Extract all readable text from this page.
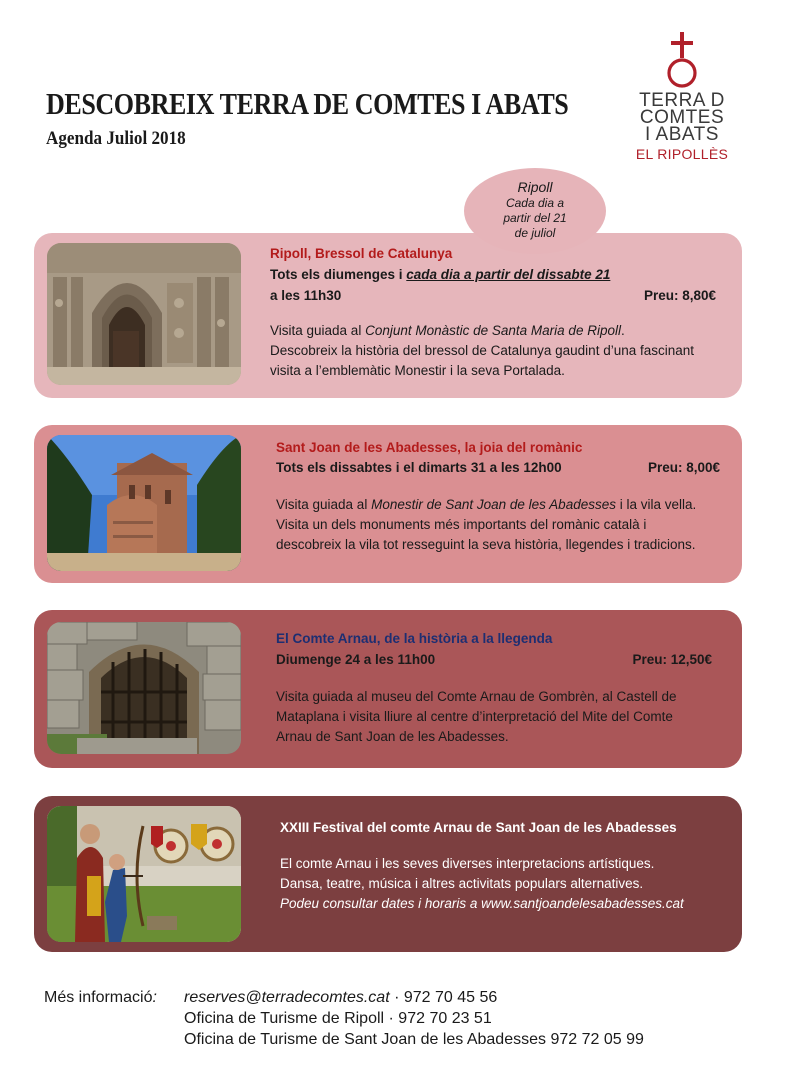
DESCOBREIX TERRA DE COMTES I ABATS
Agenda Juliol 2018
TERRA D
COMTES
I ABATS
EL RIPOLLÈS
Ripoll
Cada dia a partir del 21 de juliol
Ripoll, Bressol de Catalunya
Tots els diumenges i cada dia a partir del dissabte 21
a les 11h30	Preu: 8,80€
Visita guiada al Conjunt Monàstic de Santa Maria de Ripoll.
Descobreix la història del bressol de Catalunya gaudint d’una fascinant
visita a l’emblemàtic Monestir i la seva Portalada.
Sant Joan de les Abadesses, la joia del romànic
Tots els dissabtes i el dimarts 31 a les 12h00	Preu: 8,00€
Visita guiada al Monestir de Sant Joan de les Abadesses i la vila vella.
Visita un dels monuments més importants del romànic català i
descobreix la vila tot resseguint la seva història, llegendes i tradicions.
El Comte Arnau, de la història a la llegenda
Diumenge 24 a les 11h00	Preu: 12,50€
Visita guiada al museu del Comte Arnau de Gombrèn, al Castell de
Mataplana i visita lliure al centre d’interpretació del Mite del Comte
Arnau de Sant Joan de les Abadesses.
XXIII Festival del comte Arnau de Sant Joan de les Abadesses
El comte Arnau i les seves diverses interpretacions artístiques.
Dansa, teatre, música i altres activitats populars alternatives.
Podeu consultar dates i horaris a www.santjoandelesabadesses.cat
Més informació: reserves@terradecomtes.cat · 972 70 45 56
Oficina de Turisme de Ripoll · 972 70 23 51
Oficina de Turisme de Sant Joan de les Abadesses 972 72 05 99
